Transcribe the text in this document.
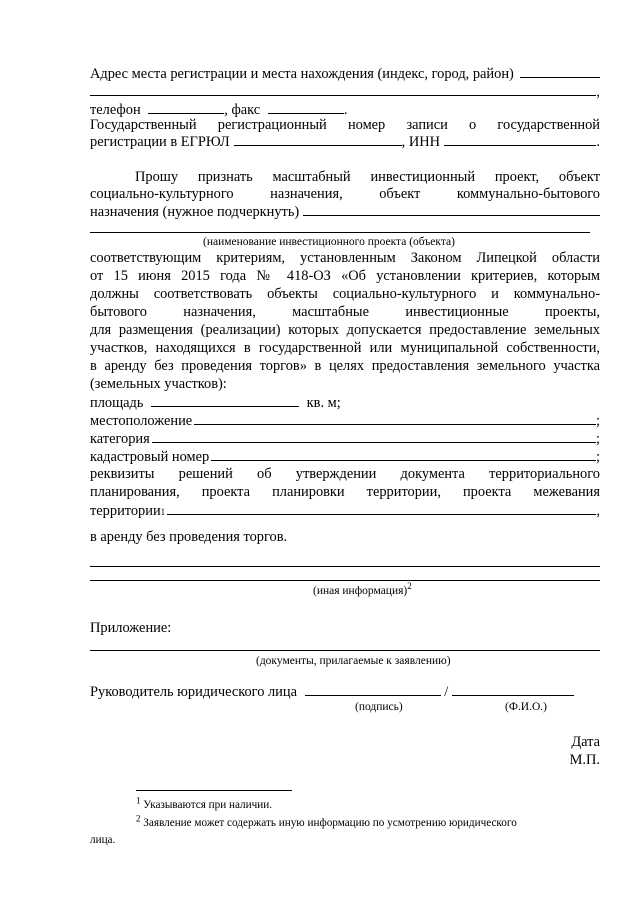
Адрес места регистрации и места нахождения (индекс, город, район)
,
телефон	, факс	.
Государственный регистрационный номер записи о государственной
регистрации в ЕГРЮЛ	, ИНН	.
Прошу признать масштабный инвестиционный проект, объект
социально-культурного назначения, объект коммунально-бытового
назначения (нужное подчеркнуть)
(наименование инвестиционного проекта (объекта)
соответствующим критериям, установленным Законом Липецкой области
от 15 июня 2015 года № 418-ОЗ «Об установлении критериев, которым
должны соответствовать объекты социально-культурного и коммунально-
бытового назначения, масштабные инвестиционные проекты,
для размещения (реализации) которых допускается предоставление земельных
участков, находящихся в государственной или муниципальной собственности,
в аренду без проведения торгов» в целях предоставления земельного участка
(земельных участков):
площадь	кв. м;
местоположение	;
категория	;
кадастровый номер	;
реквизиты решений об утверждении документа территориального
планирования, проекта планировки территории, проекта межевания
территории 1	,
в аренду без проведения торгов.
(иная информация)$^2$
Приложение:
(документы, прилагаемые к заявлению)
Руководитель юридического лица	/
(подпись)	(Ф.И.О.)
Дата
М.П.
$^1$ Указываются при наличии.
$^2$ Заявление может содержать иную информацию по усмотрению юридического
лица.
